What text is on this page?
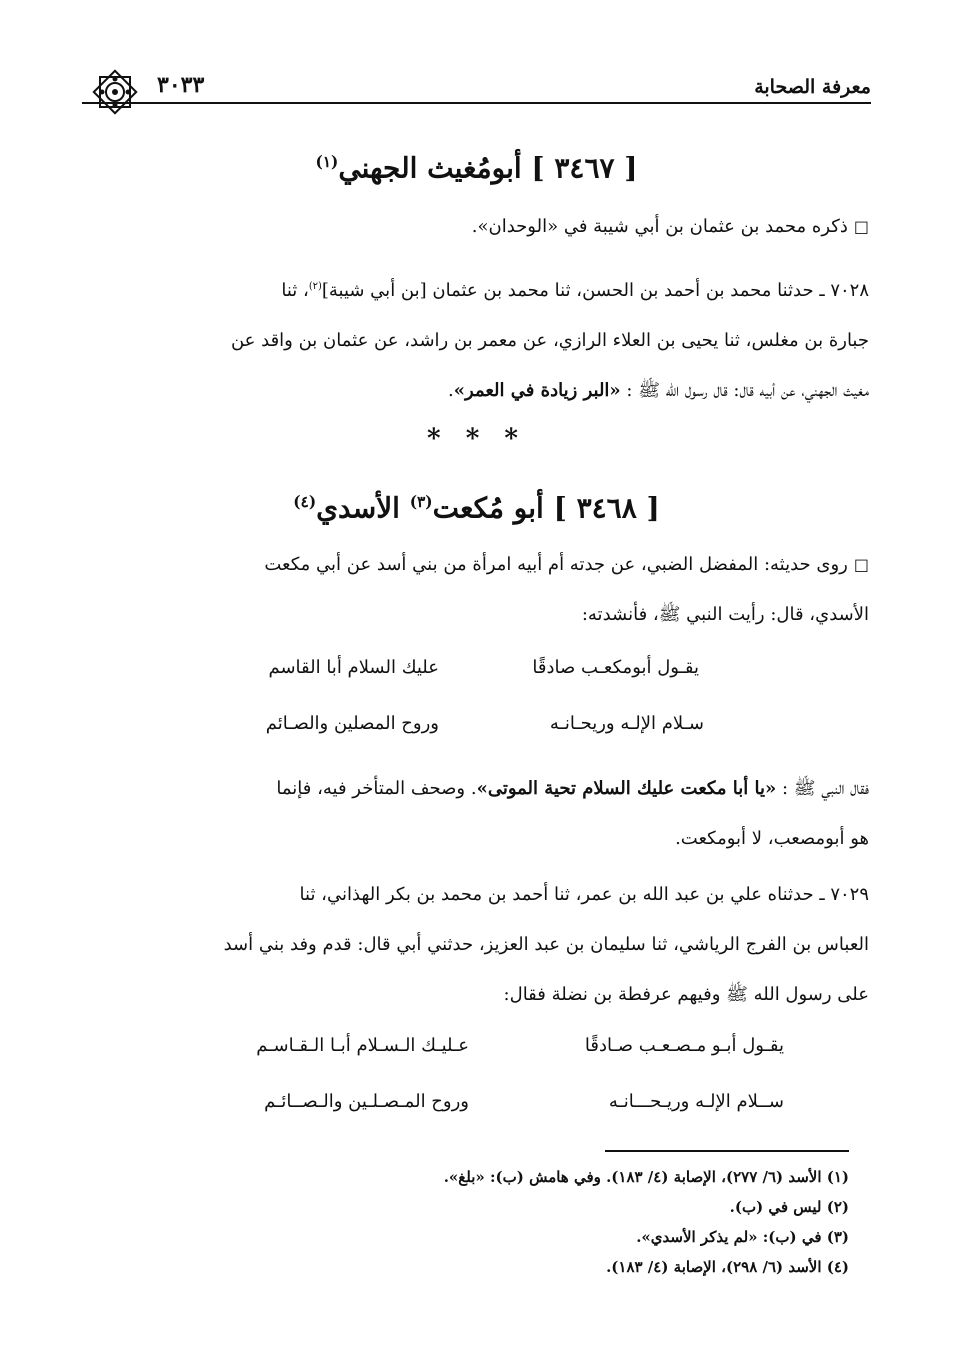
معرفة الصحابة
٣٠٣٣
[ ٣٤٦٧ ] أبومُغيث الجهني$^{(١)}$
□ذكره محمد بن عثمان بن أبي شيبة في «الوحدان».
٧٠٢٨ ـ حدثنا محمد بن أحمد بن الحسن، ثنا محمد بن عثمان [بن أبي شيبة]$^{(٢)}$، ثنا
جبارة بن مغلس، ثنا يحيى بن العلاء الرازي، عن معمر بن راشد، عن عثمان بن واقد عن
مغيث الجهني، عن أبيه قال: قال رسول الله ﷺ : «البر زيادة في العمر».
* * *
[ ٣٤٦٨ ] أبو مُكعت$^{(٣)}$ الأسدي$^{(٤)}$
□روى حديثه: المفضل الضبي، عن جدته أم أبيه امرأة من بني أسد عن أبي مكعت
الأسدي، قال: رأيت النبي ﷺ، فأنشدته:
يقـول أبومكعـب صادقًا
عليك السلام أبا القاسم
سـلام الإلـه وريحـانـه
وروح المصلين والصـائم
فقال النبي ﷺ : «يا أبا مكعت عليك السلام تحية الموتى». وصحف المتأخر فيه، فإنما
هو أبومصعب، لا أبومكعت.
٧٠٢٩ ـ حدثناه علي بن عبد الله بن عمر، ثنا أحمد بن محمد بن بكر الهذاني، ثنا
العباس بن الفرج الرياشي، ثنا سليمان بن عبد العزيز، حدثني أبي قال: قدم وفد بني أسد
على رسول الله ﷺ وفيهم عرفطة بن نضلة فقال:
يقـول أبـو مـصـعـب صـادقًا
عـليـك الـسـلام أبـا الـقـاسـم
ســلام الإلـه وريـحـــانـه
وروح المـصـلـين والـصــائـم
(١) الأسد (٦/ ٢٧٧)، الإصابة (٤/ ١٨٣). وفي هامش (ب): «بلغ».
(٢) ليس في (ب).
(٣) في (ب): «لم يذكر الأسدي».
(٤) الأسد (٦/ ٢٩٨)، الإصابة (٤/ ١٨٣).
